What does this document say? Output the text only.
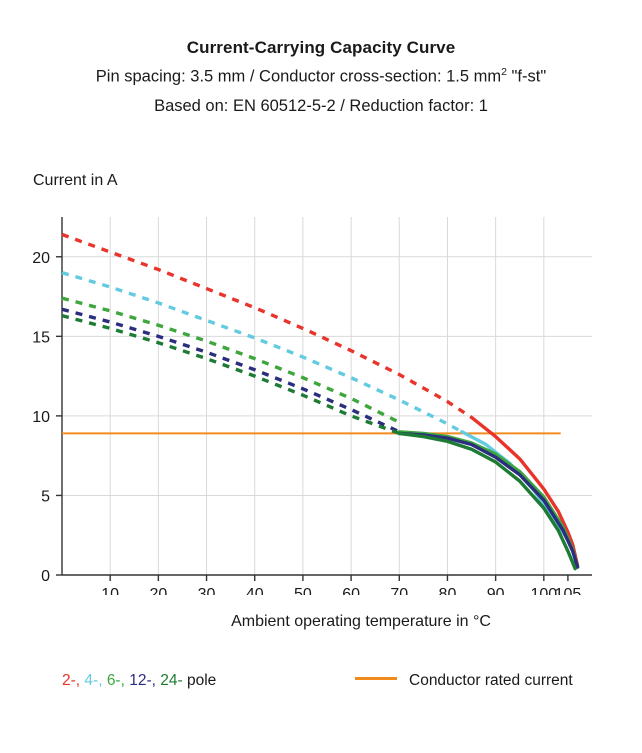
Current-Carrying Capacity Curve
Pin spacing: 3.5 mm / Conductor cross-section: 1.5 $mm^2$ "f-st"
Based on: EN 60512-5-2 / Reduction factor: 1
Current in A
10 20 30 40 50 60 70 80 90 100
105
0
5
10
15
20
Ambient operating temperature in °C
2-, 4-, 6-, 12-, 24- pole	Conductor rated current
